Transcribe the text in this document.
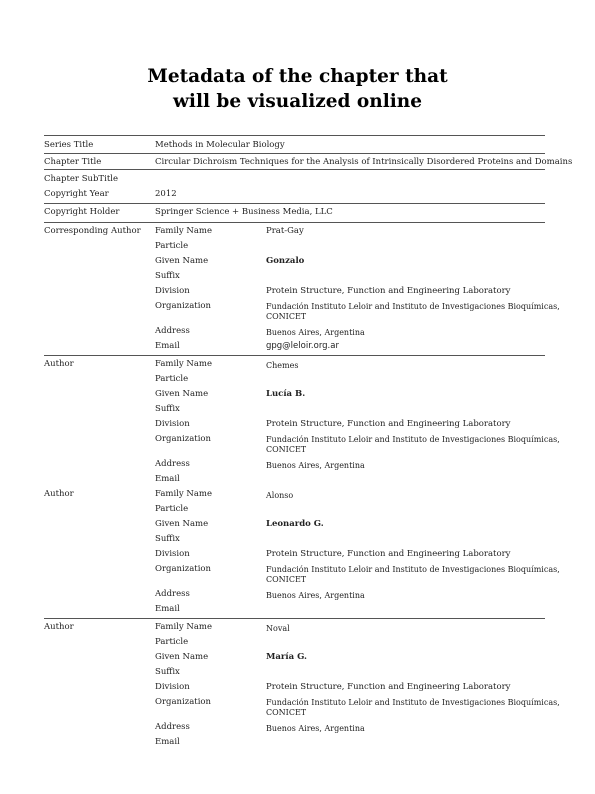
Metadata of the chapter that
will be visualized online
Series Title	Methods in Molecular Biology
Chapter Title	Circular Dichroism Techniques for the Analysis of Intrinsically Disordered Proteins and Domains
Chapter SubTitle
Copyright Year	2012
Copyright Holder	Springer Science + Business Media, LLC
Corresponding Author	Family Name	Prat-Gay
Particle
Given Name	Gonzalo
Suffix
Division	Protein Structure, Function and Engineering Laboratory
Organization	Fundación Instituto Leloir and Instituto de Investigaciones Bioquímicas,
CONICET
Address	Buenos Aires, Argentina
Email	gpg@leloir.org.ar
Author	Family Name	Chemes
Particle
Given Name	Lucía B.
Suffix
Division	Protein Structure, Function and Engineering Laboratory
Organization	Fundación Instituto Leloir and Instituto de Investigaciones Bioquímicas,
CONICET
Address	Buenos Aires, Argentina
Email
Author	Family Name	Alonso
Particle
Given Name	Leonardo G.
Suffix
Division	Protein Structure, Function and Engineering Laboratory
Organization	Fundación Instituto Leloir and Instituto de Investigaciones Bioquímicas,
CONICET
Address	Buenos Aires, Argentina
Email
Author	Family Name	Noval
Particle
Given Name	María G.
Suffix
Division	Protein Structure, Function and Engineering Laboratory
Organization	Fundación Instituto Leloir and Instituto de Investigaciones Bioquímicas,
CONICET
Address	Buenos Aires, Argentina
Email
